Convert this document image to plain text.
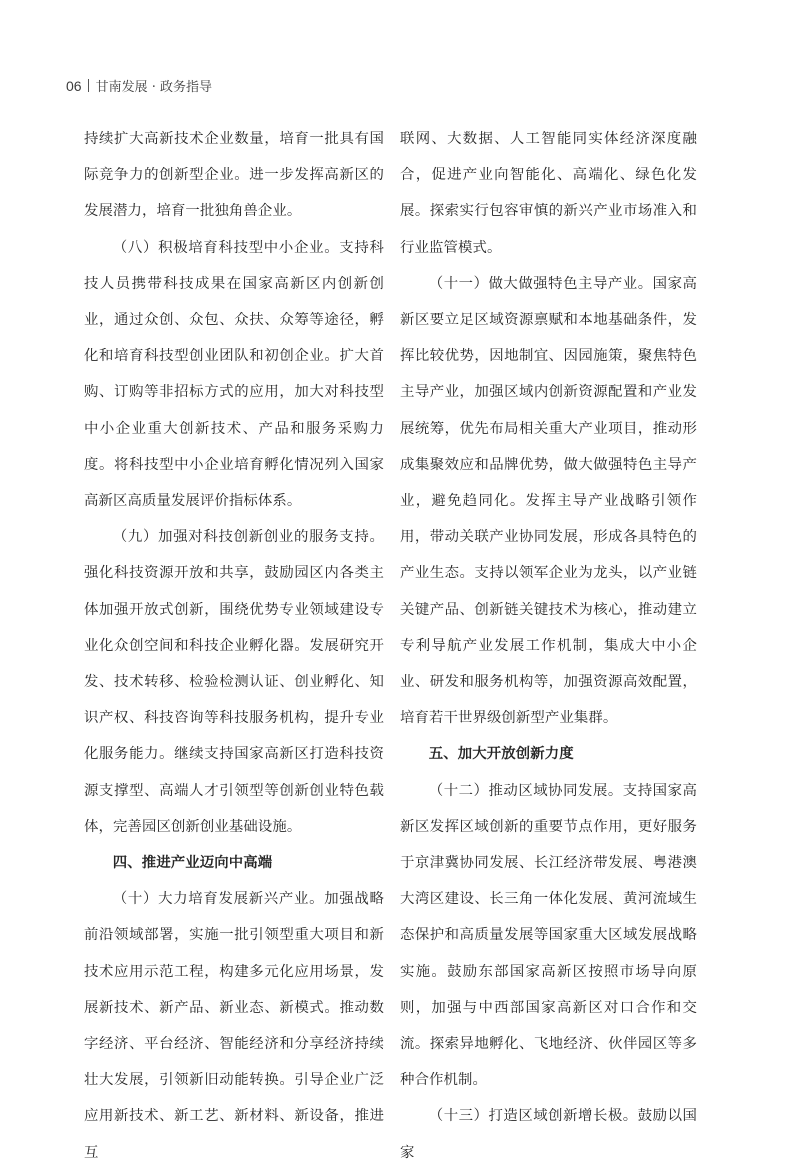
06 甘南发展 · 政务指导

持续扩大高新技术企业数量，培育一批具有国际竞争力的创新型企业。进一步发挥高新区的发展潜力，培育一批独角兽企业。

（八）积极培育科技型中小企业。支持科技人员携带科技成果在国家高新区内创新创业，通过众创、众包、众扶、众筹等途径，孵化和培育科技型创业团队和初创企业。扩大首购、订购等非招标方式的应用，加大对科技型中小企业重大创新技术、产品和服务采购力度。将科技型中小企业培育孵化情况列入国家高新区高质量发展评价指标体系。

（九）加强对科技创新创业的服务支持。强化科技资源开放和共享，鼓励园区内各类主体加强开放式创新，围绕优势专业领域建设专业化众创空间和科技企业孵化器。发展研究开发、技术转移、检验检测认证、创业孵化、知识产权、科技咨询等科技服务机构，提升专业化服务能力。继续支持国家高新区打造科技资源支撑型、高端人才引领型等创新创业特色载体，完善园区创新创业基础设施。

四、推进产业迈向中高端

（十）大力培育发展新兴产业。加强战略前沿领域部署，实施一批引领型重大项目和新技术应用示范工程，构建多元化应用场景，发展新技术、新产品、新业态、新模式。推动数字经济、平台经济、智能经济和分享经济持续壮大发展，引领新旧动能转换。引导企业广泛应用新技术、新工艺、新材料、新设备，推进互

联网、大数据、人工智能同实体经济深度融合，促进产业向智能化、高端化、绿色化发展。探索实行包容审慎的新兴产业市场准入和行业监管模式。

（十一）做大做强特色主导产业。国家高新区要立足区域资源禀赋和本地基础条件，发挥比较优势，因地制宜、因园施策，聚焦特色主导产业，加强区域内创新资源配置和产业发展统筹，优先布局相关重大产业项目，推动形成集聚效应和品牌优势，做大做强特色主导产业，避免趋同化。发挥主导产业战略引领作用，带动关联产业协同发展，形成各具特色的产业生态。支持以领军企业为龙头，以产业链关键产品、创新链关键技术为核心，推动建立专利导航产业发展工作机制，集成大中小企业、研发和服务机构等，加强资源高效配置，培育若干世界级创新型产业集群。

五、加大开放创新力度

（十二）推动区域协同发展。支持国家高新区发挥区域创新的重要节点作用，更好服务于京津冀协同发展、长江经济带发展、粤港澳大湾区建设、长三角一体化发展、黄河流域生态保护和高质量发展等国家重大区域发展战略实施。鼓励东部国家高新区按照市场导向原则，加强与中西部国家高新区对口合作和交流。探索异地孵化、飞地经济、伙伴园区等多种合作机制。

（十三）打造区域创新增长极。鼓励以国家
